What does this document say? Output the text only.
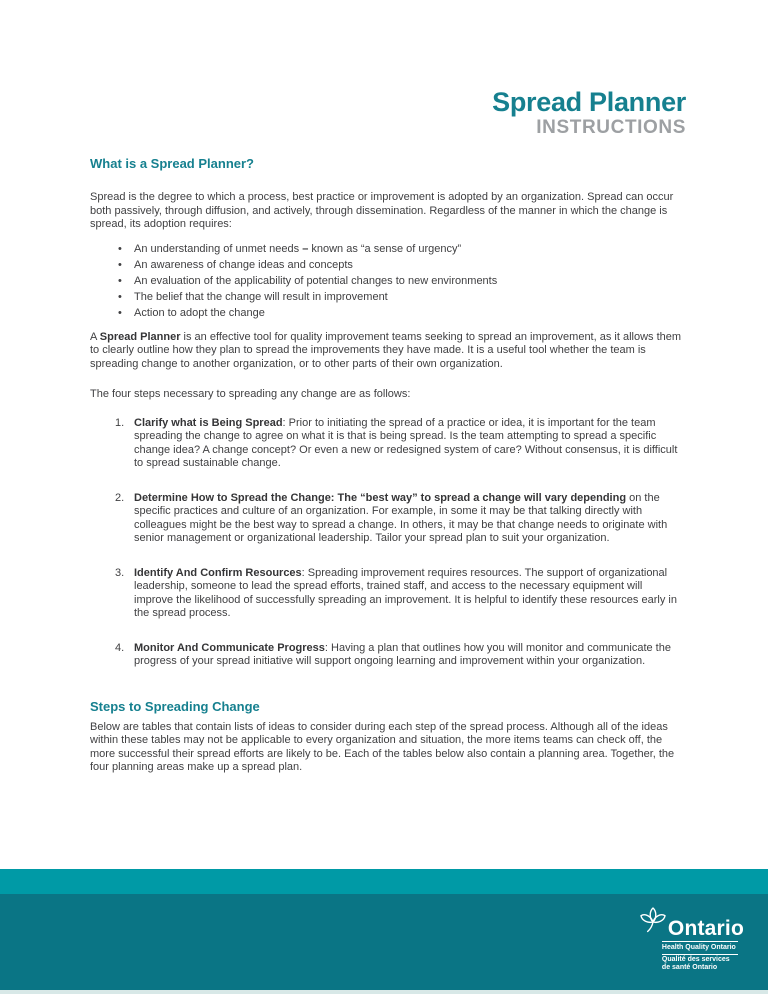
Spread Planner
INSTRUCTIONS
What is a Spread Planner?

Spread is the degree to which a process, best practice or improvement is adopted by an organization. Spread can occur both passively, through diffusion, and actively, through dissemination. Regardless of the manner in which the change is spread, its adoption requires:

• An understanding of unmet needs – known as “a sense of urgency”
• An awareness of change ideas and concepts
• An evaluation of the applicability of potential changes to new environments
• The belief that the change will result in improvement
• Action to adopt the change

A Spread Planner is an effective tool for quality improvement teams seeking to spread an improvement, as it allows them to clearly outline how they plan to spread the improvements they have made. It is a useful tool whether the team is spreading change to another organization, or to other parts of their own organization.

The four steps necessary to spreading any change are as follows:

1. Clarify what is Being Spread: Prior to initiating the spread of a practice or idea, it is important for the team spreading the change to agree on what it is that is being spread. Is the team attempting to spread a specific change idea? A change concept? Or even a new or redesigned system of care? Without consensus, it is difficult to spread sustainable change.
2. Determine How to Spread the Change: The “best way” to spread a change will vary depending on the specific practices and culture of an organization. For example, in some it may be that talking directly with colleagues might be the best way to spread a change. In others, it may be that change needs to originate with senior management or organizational leadership. Tailor your spread plan to suit your organization.
3. Identify And Confirm Resources: Spreading improvement requires resources. The support of organizational leadership, someone to lead the spread efforts, trained staff, and access to the necessary equipment will improve the likelihood of successfully spreading an improvement. It is helpful to identify these resources early in the spread process.
4. Monitor And Communicate Progress: Having a plan that outlines how you will monitor and communicate the progress of your spread initiative will support ongoing learning and improvement within your organization.
Steps to Spreading Change

Below are tables that contain lists of ideas to consider during each step of the spread process. Although all of the ideas within these tables may not be applicable to every organization and situation, the more items teams can check off, the more successful their spread efforts are likely to be. Each of the tables below also contain a planning area. Together, the four planning areas make up a spread plan.

Ontario
Health Quality Ontario
Qualité des services
de santé Ontario
